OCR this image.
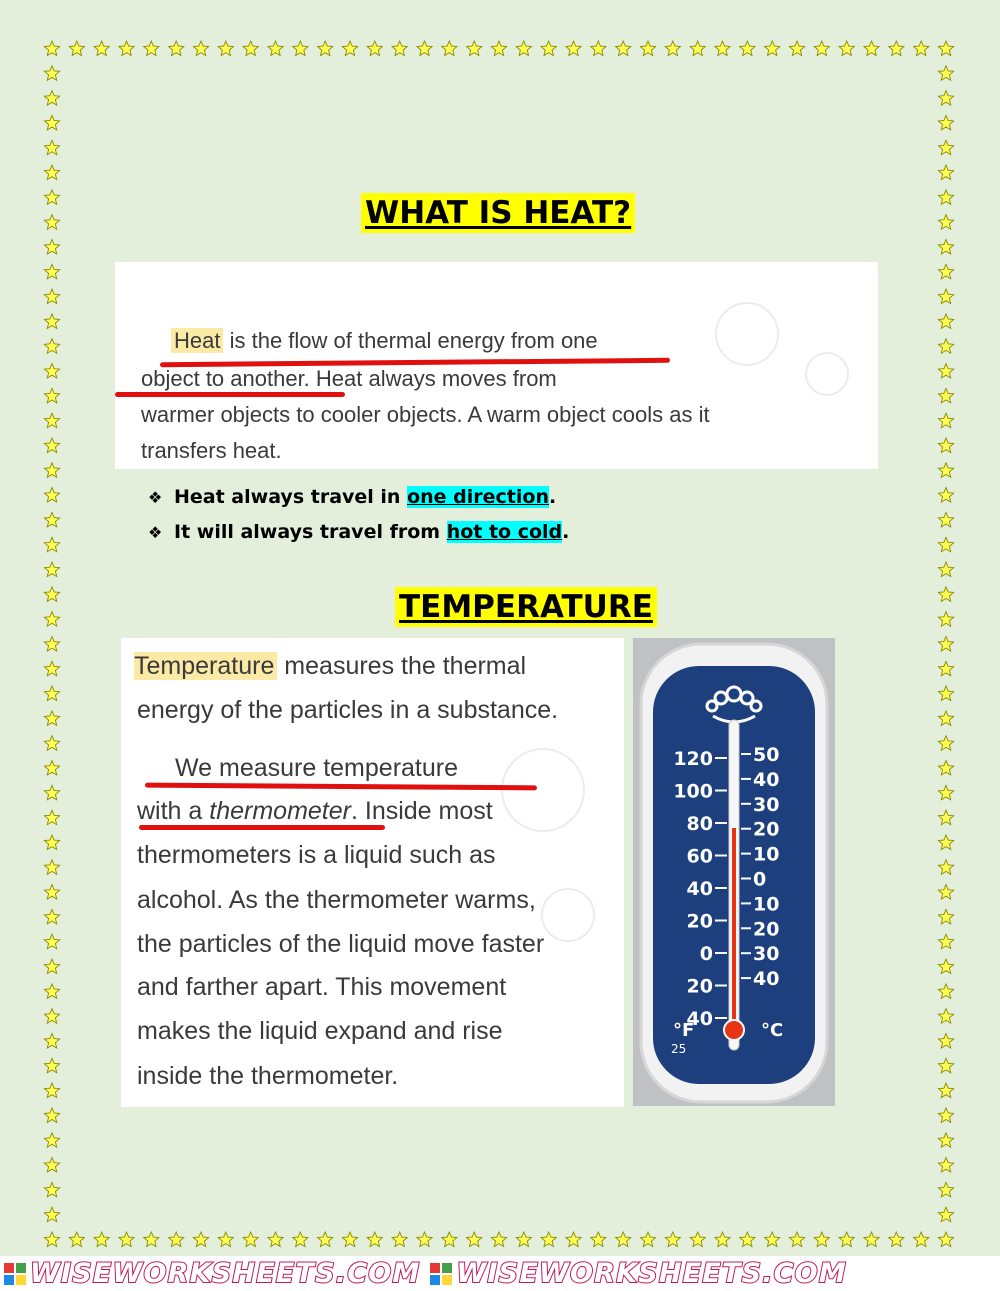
WHAT IS HEAT?
Heat is the flow of thermal energy from one
object to another. Heat always moves from
warmer objects to cooler objects. A warm object cools as it
transfers heat.
❖ Heat always travel in one direction.
❖ It will always travel from hot to cold.
TEMPERATURE
Temperature measures the thermal
energy of the particles in a substance.
We measure temperature
with a thermometer. Inside most
thermometers is a liquid such as
alcohol. As the thermometer warms,
the particles of the liquid move faster
and farther apart. This movement
makes the liquid expand and rise
inside the thermometer.
120
100
80
60
40
20
0
20
40
50
40
30
20
10
0
10
20
30
40
°F	°C
25
WISEWORKSHEETS.COM WISEWORKSHEETS.COM
